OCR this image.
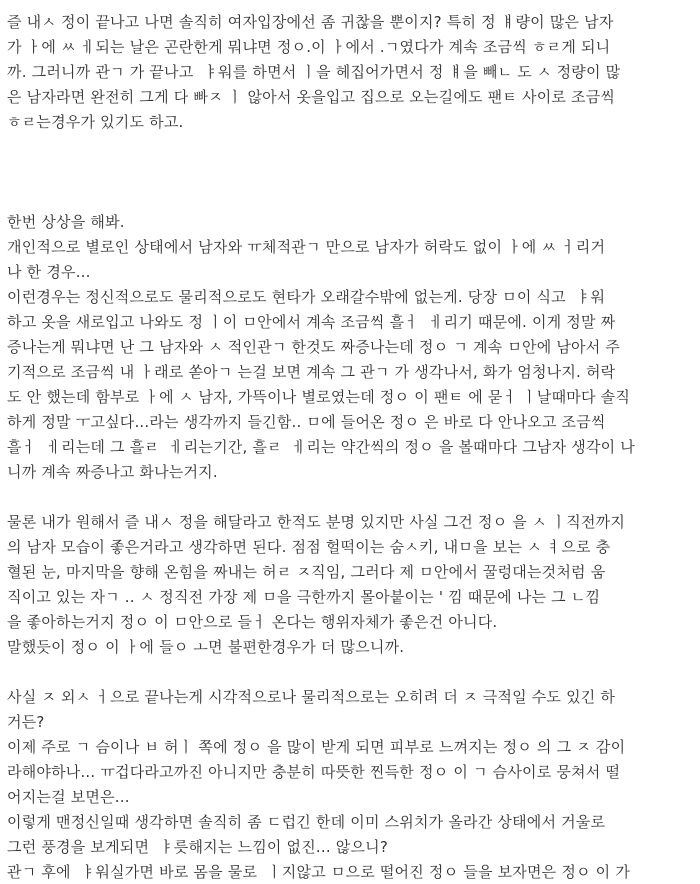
즐 내ㅅ 정이 끝나고 나면 솔직히 여자입장에선 좀 귀찮을 뿐이지? 특히 정 ㅒ량이 많은 남자
가 ㅏ에 ㅆ ㅔ되는 날은 곤란한게 뭐냐면 정ㅇ.이 ㅏ에서 .ㄱ였다가 계속 조금씩 ㅎㄹ게 되니
까. 그러니까 관ㄱ 가 끝나고  ㅑ워를 하면서 ㅣ을 헤집어가면서 정 ㅒ을 빼ㄴ 도 ㅅ 정량이 많
은 남자라면 완전히 그게 다 빠ㅈ ㅣ 않아서 옷을입고 집으로 오는길에도 팬ㅌ 사이로 조금씩
ㅎㄹ는경우가 있기도 하고.
한번 상상을 해봐.
개인적으로 별로인 상태에서 남자와 ㅠ체적관ㄱ 만으로 남자가 허락도 없이 ㅏ에 ㅆ ㅓ리거
나 한 경우...
이런경우는 정신적으로도 물리적으로도 현타가 오래갈수밖에 없는게. 당장 ㅁ이 식고  ㅑ워
하고 옷을 새로입고 나와도 정 ㅣ이 ㅁ안에서 계속 조금씩 흘ㅓ  ㅔ리기 때문에. 이게 정말 짜
증나는게 뭐냐면 난 그 남자와 ㅅ 적인관ㄱ 한것도 짜증나는데 정ㅇ ㄱ 계속 ㅁ안에 남아서 주
기적으로 조금씩 내 ㅏ래로 쏟아ㄱ 는걸 보면 계속 그 관ㄱ 가 생각나서, 화가 엄청나지. 허락
도 안 했는데 함부로 ㅏ에 ㅅ 남자, 가뜩이나 별로였는데 정ㅇ 이 팬ㅌ 에 묻ㅓ ㅣ날때마다 솔직
하게 정말 ㅜ고싶다...라는 생각까지 들긴함.. ㅁ에 들어온 정ㅇ 은 바로 다 안나오고 조금씩
흘ㅓ  ㅔ리는데 그 흘ㄹ  ㅔ리는기간, 흘ㄹ  ㅔ리는 약간씩의 정ㅇ 을 볼때마다 그남자 생각이 나
니까 계속 짜증나고 화나는거지.
물론 내가 원해서 즐 내ㅅ 정을 해달라고 한적도 분명 있지만 사실 그건 정ㅇ 을 ㅅ ㅣ직전까지
의 남자 모습이 좋은거라고 생각하면 된다. 점점 헐떡이는 숨ㅅ키, 내ㅁ을 보는 ㅅ ㅕ으로 충
혈된 눈, 마지막을 향해 온힘을 짜내는 허ㄹ ㅈ직임, 그러다 제 ㅁ안에서 꿀렁대는것처럼 움
직이고 있는 자ㄱ .. ㅅ 정직전 가장 제 ㅁ을 극한까지 몰아붙이는 ' 낌 때문에 나는 그 ㄴ낌
을 좋아하는거지 정ㅇ 이 ㅁ안으로 들ㅓ 온다는 행위자체가 좋은건 아니다.
말했듯이 정ㅇ 이 ㅏ에 들ㅇ ㅗ면 불편한경우가 더 많으니까.
사실 ㅈ 외ㅅ ㅓ으로 끝나는게 시각적으로나 물리적으로는 오히려 더 ㅈ 극적일 수도 있긴 하
거든?
이제 주로 ㄱ 슴이나 ㅂ 허ㅣ 쪽에 정ㅇ 을 많이 받게 되면 피부로 느껴지는 정ㅇ 의 그 ㅈ 감이
라해야하나... ㅠ겁다라고까진 아니지만 충분히 따뜻한 찐득한 정ㅇ 이 ㄱ 슴사이로 뭉쳐서 떨
어지는걸 보면은...
이렇게 맨정신일때 생각하면 솔직히 좀 ㄷ럽긴 한데 이미 스위치가 올라간 상태에서 거울로
그런 풍경을 보게되면  ㅑ릇해지는 느낌이 없진... 않으니?
관ㄱ 후에  ㅑ워실가면 바로 몸을 물로  ㅣ지않고 ㅁ으로 떨어진 정ㅇ 들을 보자면은 정ㅇ 이 가
